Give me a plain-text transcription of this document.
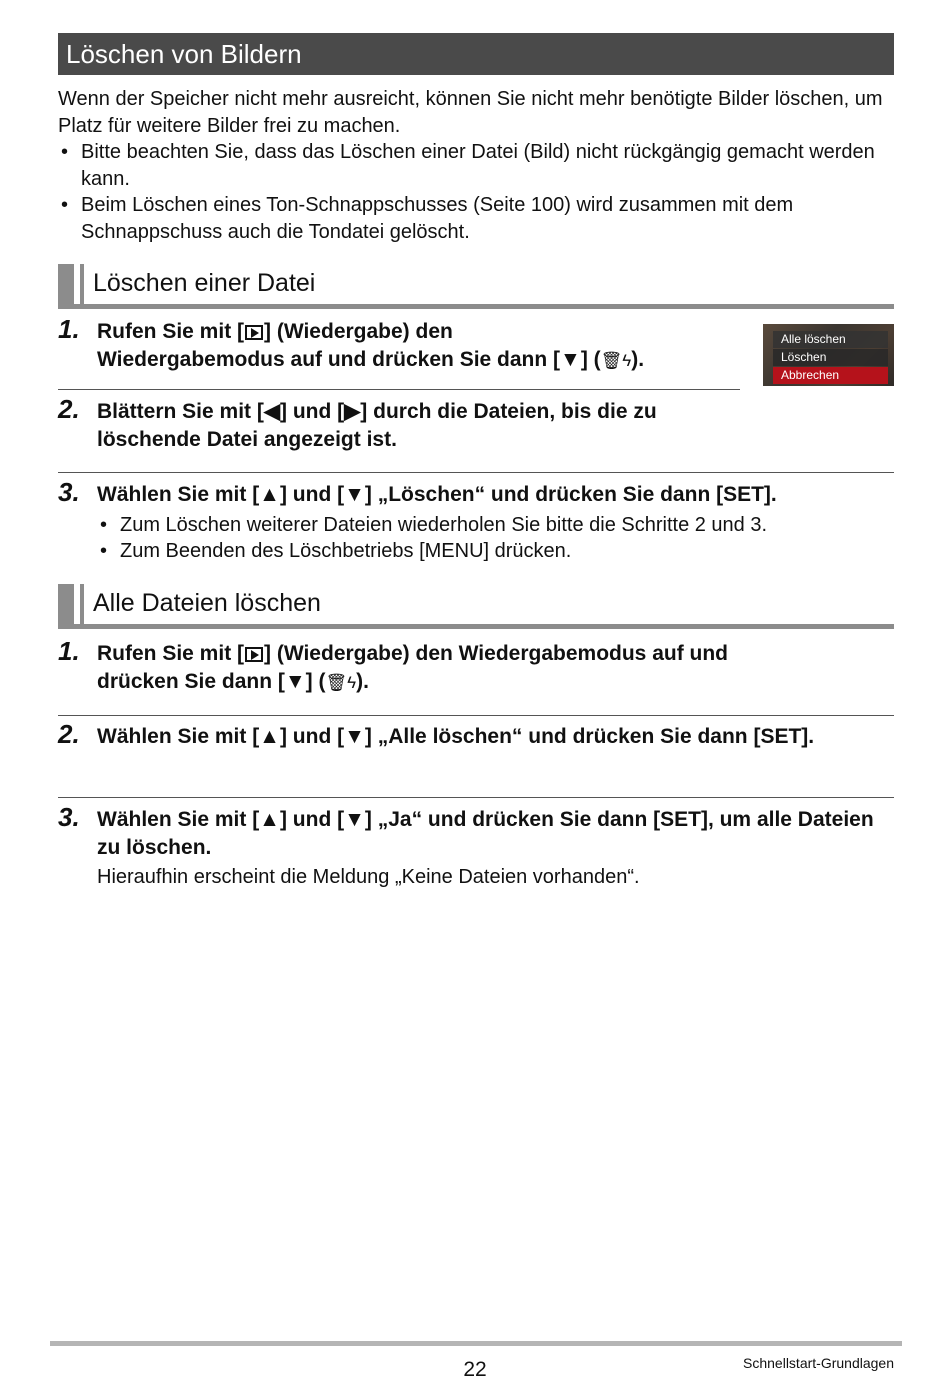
Löschen von Bildern
Wenn der Speicher nicht mehr ausreicht, können Sie nicht mehr benötigte Bilder löschen, um Platz für weitere Bilder frei zu machen.
• Bitte beachten Sie, dass das Löschen einer Datei (Bild) nicht rückgängig gemacht werden kann.
• Beim Löschen eines Ton-Schnappschusses (Seite 100) wird zusammen mit dem Schnappschuss auch die Tondatei gelöscht.
Löschen einer Datei
1. Rufen Sie mit [ ] (Wiedergabe) den
Wiedergabemodus auf und drücken Sie dann [▼] (🗑︎ϟ).
Alle löschen
Löschen
Abbrechen
2. Blättern Sie mit [◀] und [▶] durch die Dateien, bis die zu löschende Datei angezeigt ist.
3. Wählen Sie mit [▲] und [▼] „Löschen“ und drücken Sie dann [SET].
• Zum Löschen weiterer Dateien wiederholen Sie bitte die Schritte 2 und 3.
• Zum Beenden des Löschbetriebs [MENU] drücken.
Alle Dateien löschen
1. Rufen Sie mit [ ] (Wiedergabe) den Wiedergabemodus auf und
drücken Sie dann [▼] (🗑︎ϟ).
2. Wählen Sie mit [▲] und [▼] „Alle löschen“ und drücken Sie dann [SET].
3. Wählen Sie mit [▲] und [▼] „Ja“ und drücken Sie dann [SET], um alle Dateien zu löschen.
Hieraufhin erscheint die Meldung „Keine Dateien vorhanden“.
22	Schnellstart-Grundlagen
